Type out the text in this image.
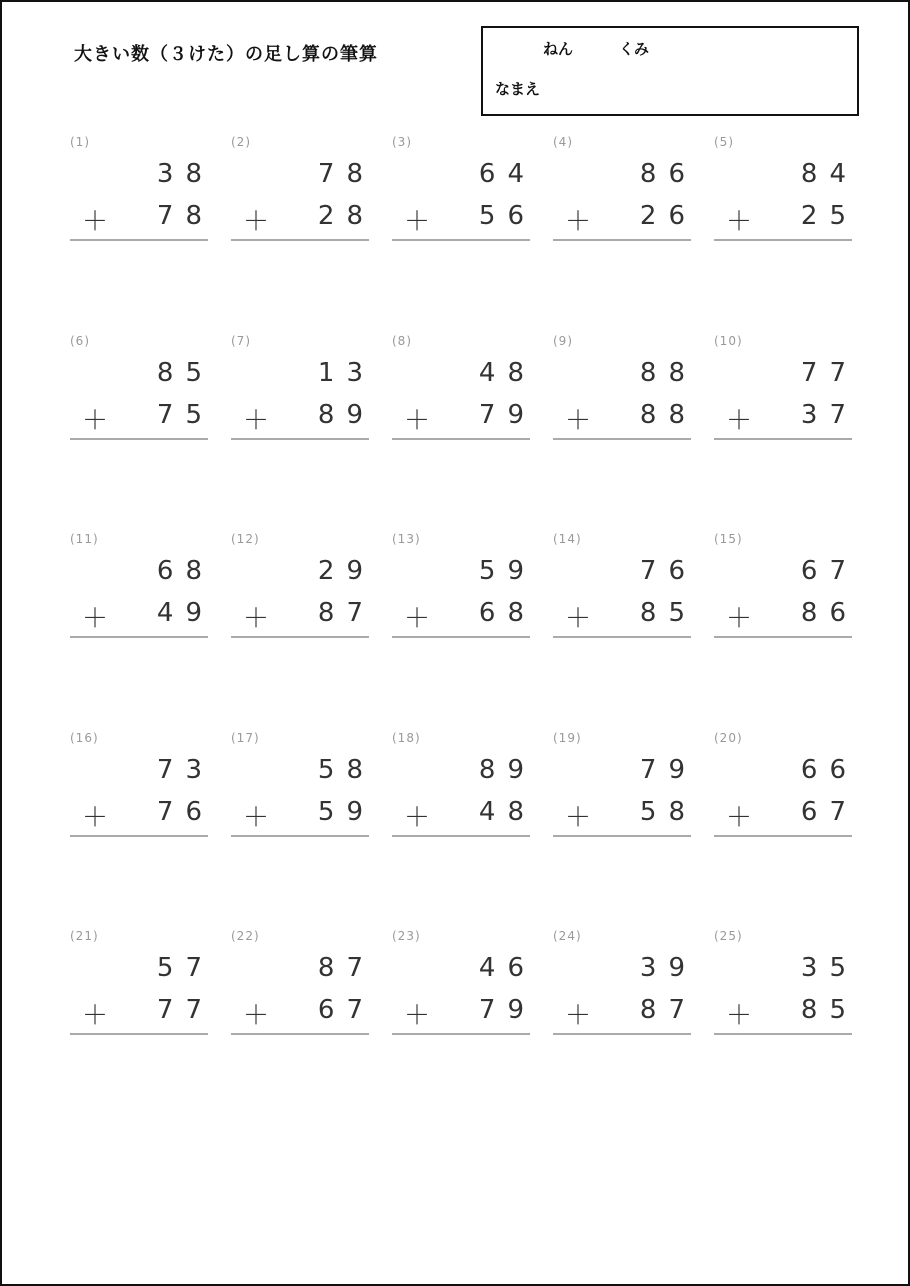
大きい数（３けた）の足し算の筆算	ねん	くみ
なまえ
(1)
38
＋ 78
(2)
78
＋ 28
(3)
64
＋ 56
(4)
86
＋ 26
(5)
84
＋ 25
(6)
85
＋ 75
(7)
13
＋ 89
(8)
48
＋ 79
(9)
88
＋ 88
(10)
77
＋ 37
(11)
68
＋ 49
(12)
29
＋ 87
(13)
59
＋ 68
(14)
76
＋ 85
(15)
67
＋ 86
(16)
73
＋ 76
(17)
58
＋ 59
(18)
89
＋ 48
(19)
79
＋ 58
(20)
66
＋ 67
(21)
57
＋ 77
(22)
87
＋ 67
(23)
46
＋ 79
(24)
39
＋ 87
(25)
35
＋ 85
